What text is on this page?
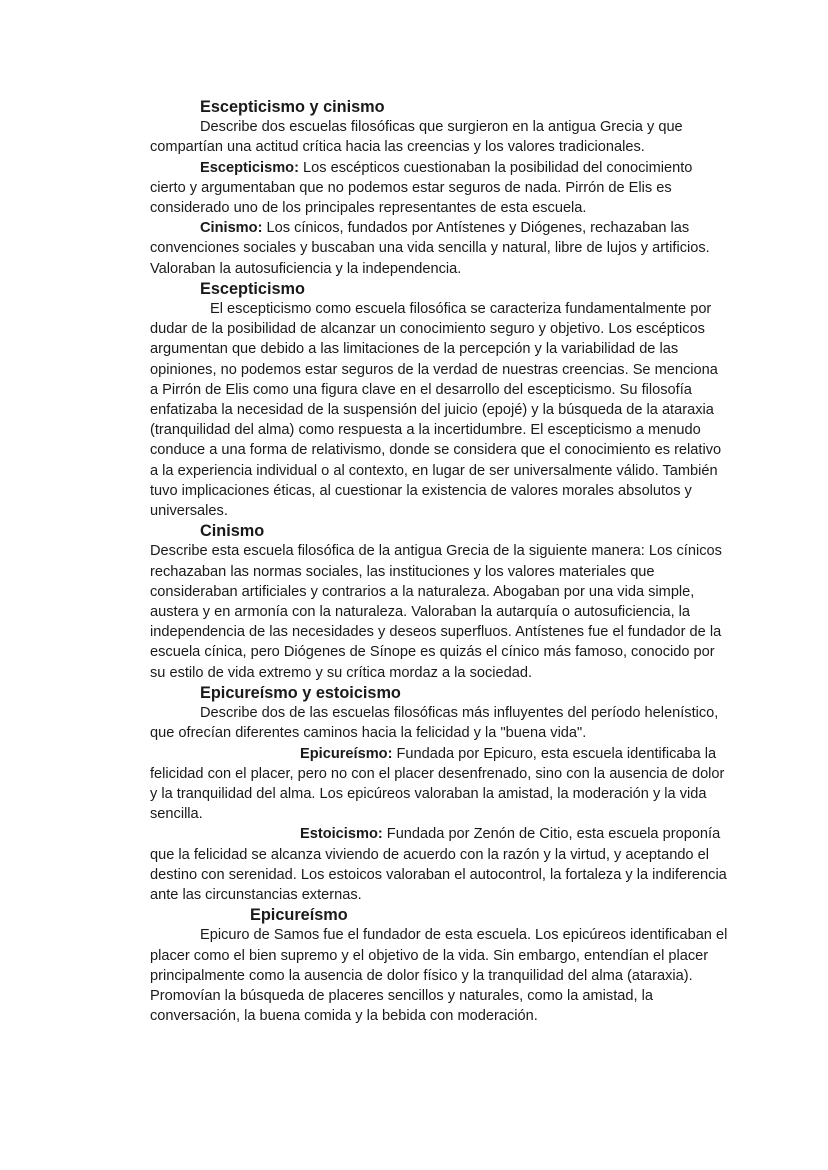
Escepticismo y cinismo

Describe dos escuelas filosóficas que surgieron en la antigua Grecia y que compartían una actitud crítica hacia las creencias y los valores tradicionales.

Escepticismo: Los escépticos cuestionaban la posibilidad del conocimiento cierto y argumentaban que no podemos estar seguros de nada. Pirrón de Elis es considerado uno de los principales representantes de esta escuela.

Cinismo: Los cínicos, fundados por Antístenes y Diógenes, rechazaban las convenciones sociales y buscaban una vida sencilla y natural, libre de lujos y artificios. Valoraban la autosuficiencia y la independencia.

Escepticismo

El escepticismo como escuela filosófica se caracteriza fundamentalmente por dudar de la posibilidad de alcanzar un conocimiento seguro y objetivo. Los escépticos argumentan que debido a las limitaciones de la percepción y la variabilidad de las opiniones, no podemos estar seguros de la verdad de nuestras creencias. Se menciona a Pirrón de Elis como una figura clave en el desarrollo del escepticismo. Su filosofía enfatizaba la necesidad de la suspensión del juicio (epojé) y la búsqueda de la ataraxia (tranquilidad del alma) como respuesta a la incertidumbre. El escepticismo a menudo conduce a una forma de relativismo, donde se considera que el conocimiento es relativo a la experiencia individual o al contexto, en lugar de ser universalmente válido. También tuvo implicaciones éticas, al cuestionar la existencia de valores morales absolutos y universales.

Cinismo

Describe esta escuela filosófica de la antigua Grecia de la siguiente manera: Los cínicos rechazaban las normas sociales, las instituciones y los valores materiales que consideraban artificiales y contrarios a la naturaleza. Abogaban por una vida simple, austera y en armonía con la naturaleza. Valoraban la autarquía o autosuficiencia, la independencia de las necesidades y deseos superfluos. Antístenes fue el fundador de la escuela cínica, pero Diógenes de Sínope es quizás el cínico más famoso, conocido por su estilo de vida extremo y su crítica mordaz a la sociedad.

Epicureísmo y estoicismo

Describe dos de las escuelas filosóficas más influyentes del período helenístico, que ofrecían diferentes caminos hacia la felicidad y la "buena vida".

Epicureísmo: Fundada por Epicuro, esta escuela identificaba la felicidad con el placer, pero no con el placer desenfrenado, sino con la ausencia de dolor y la tranquilidad del alma. Los epicúreos valoraban la amistad, la moderación y la vida sencilla.

Estoicismo: Fundada por Zenón de Citio, esta escuela proponía que la felicidad se alcanza viviendo de acuerdo con la razón y la virtud, y aceptando el destino con serenidad. Los estoicos valoraban el autocontrol, la fortaleza y la indiferencia ante las circunstancias externas.

Epicureísmo

Epicuro de Samos fue el fundador de esta escuela. Los epicúreos identificaban el placer como el bien supremo y el objetivo de la vida. Sin embargo, entendían el placer principalmente como la ausencia de dolor físico y la tranquilidad del alma (ataraxia). Promovían la búsqueda de placeres sencillos y naturales, como la amistad, la conversación, la buena comida y la bebida con moderación.
